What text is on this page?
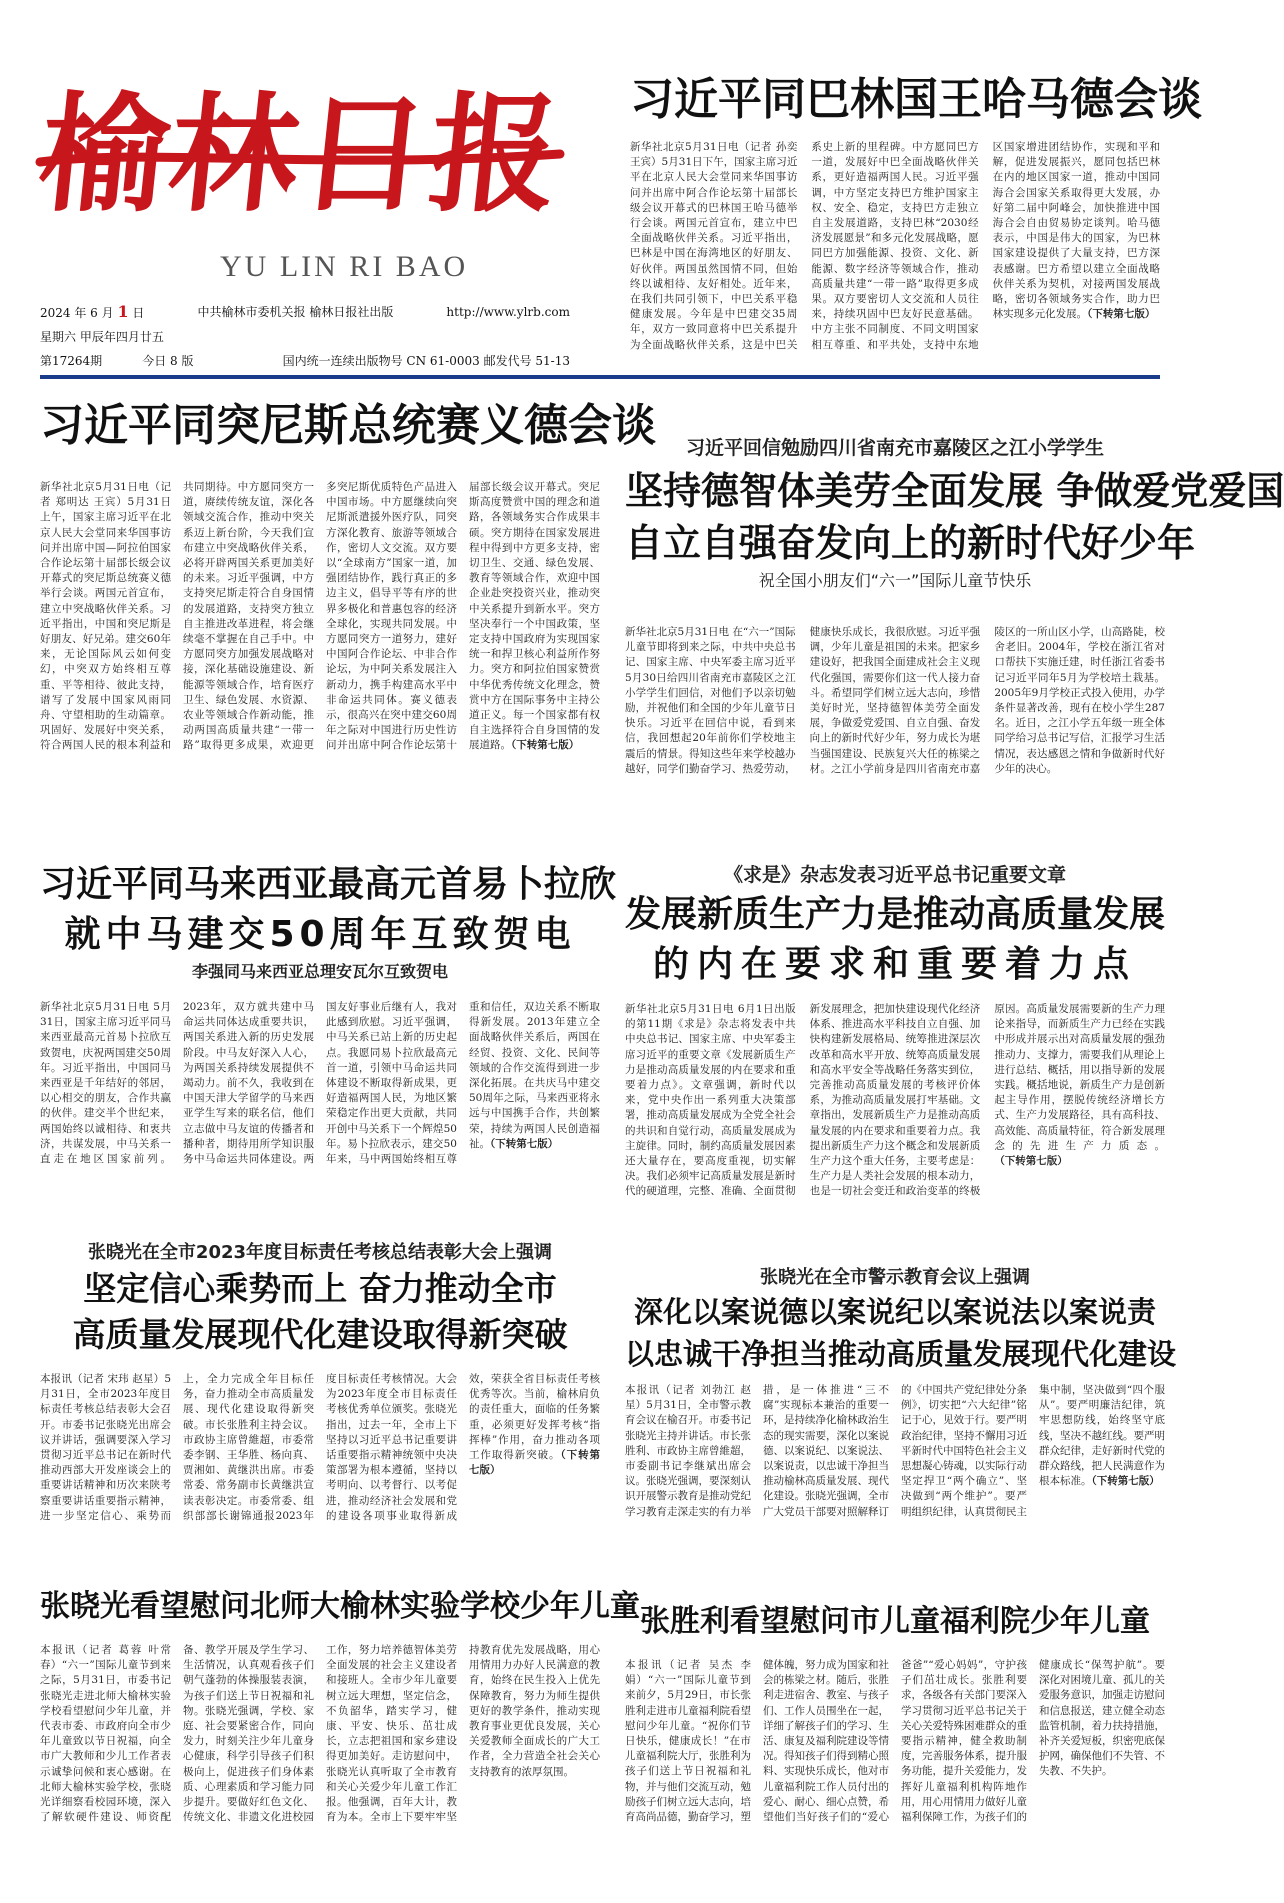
榆林日报
YU LIN RI BAO
2024 年 6 月 1 日	中共榆林市委机关报 榆林日报社出版	http://www.ylrb.com
星期六 甲辰年四月廿五
第17264期	今日 8 版	国内统一连续出版物号 CN 61-0003 邮发代号 51-13
习近平同巴林国王哈马德会谈
新华社北京5月31日电（记者 孙奕 王宾）5月31日下午，国家主席习近平在北京人民大会堂同来华国事访问并出席中阿合作论坛第十届部长级会议开幕式的巴林国王哈马德举行会谈。两国元首宣布，建立中巴全面战略伙伴关系。习近平指出，巴林是中国在海湾地区的好朋友、好伙伴。两国虽然国情不同，但始终以诚相待、友好相处。近年来，在我们共同引领下，中巴关系平稳健康发展。今年是中巴建交35周年，双方一致同意将中巴关系提升为全面战略伙伴关系，这是中巴关系史上新的里程碑。中方愿同巴方一道，发展好中巴全面战略伙伴关系，更好造福两国人民。习近平强调，中方坚定支持巴方维护国家主权、安全、稳定，支持巴方走独立自主发展道路，支持巴林“2030经济发展愿景”和多元化发展战略，愿同巴方加强能源、投资、文化、新能源、数字经济等领域合作，推动高质量共建“一带一路”取得更多成果。双方要密切人文交流和人员往来，持续巩固中巴友好民意基础。中方主张不同制度、不同文明国家相互尊重、和平共处，支持中东地区国家增进团结协作，实现和平和解，促进发展振兴，愿同包括巴林在内的地区国家一道，推动中国同海合会国家关系取得更大发展，办好第二届中阿峰会，加快推进中国海合会自由贸易协定谈判。哈马德表示，中国是伟大的国家，为巴林国家建设提供了大量支持，巴方深表感谢。巴方希望以建立全面战略伙伴关系为契机，对接两国发展战略，密切各领域务实合作，助力巴林实现多元化发展。（下转第七版）
习近平同突尼斯总统赛义德会谈
新华社北京5月31日电（记者 郑明达 王宾）5月31日上午，国家主席习近平在北京人民大会堂同来华国事访问并出席中国—阿拉伯国家合作论坛第十届部长级会议开幕式的突尼斯总统赛义德举行会谈。两国元首宣布，建立中突战略伙伴关系。习近平指出，中国和突尼斯是好朋友、好兄弟。建交60年来，无论国际风云如何变幻，中突双方始终相互尊重、平等相待、彼此支持，谱写了发展中国家风雨同舟、守望相助的生动篇章。巩固好、发展好中突关系，符合两国人民的根本利益和共同期待。中方愿同突方一道，赓续传统友谊，深化各领域交流合作，推动中突关系迈上新台阶，今天我们宣布建立中突战略伙伴关系，必将开辟两国关系更加美好的未来。习近平强调，中方支持突尼斯走符合自身国情的发展道路，支持突方独立自主推进改革进程，将会继续毫不掌握在自己手中。中方愿同突方加强发展战略对接，深化基础设施建设、新能源等领域合作，培育医疗卫生、绿色发展、水资源、农业等领域合作新动能，推动两国高质量共建“一带一路”取得更多成果，欢迎更多突尼斯优质特色产品进入中国市场。中方愿继续向突尼斯派遣援外医疗队，同突方深化教育、旅游等领域合作，密切人文交流。双方要以“全球南方”国家一道，加强团结协作，践行真正的多边主义，倡导平等有序的世界多极化和普惠包容的经济全球化，实现共同发展。中方愿同突方一道努力，建好中国阿合作论坛、中非合作论坛，为中阿关系发展注入新动力，携手构建高水平中非命运共同体。赛义德表示，很高兴在突中建交60周年之际对中国进行历史性访问并出席中阿合作论坛第十届部长级会议开幕式。突尼斯高度赞赏中国的理念和道路，各领域务实合作成果丰硕。突方期待在国家发展进程中得到中方更多支持，密切卫生、交通、绿色发展、教育等领域合作，欢迎中国企业赴突投资兴业，推动突中关系提升到新水平。突方坚决奉行一个中国政策，坚定支持中国政府为实现国家统一和捍卫核心利益所作努力。突方和阿拉伯国家赞赏中华优秀传统文化理念，赞赏中方在国际事务中主持公道正义。每一个国家都有权自主选择符合自身国情的发展道路。（下转第七版）
习近平回信勉励四川省南充市嘉陵区之江小学学生
坚持德智体美劳全面发展 争做爱党爱国
自立自强奋发向上的新时代好少年
祝全国小朋友们“六一”国际儿童节快乐
新华社北京5月31日电 在“六一”国际儿童节即将到来之际，中共中央总书记、国家主席、中央军委主席习近平5月30日给四川省南充市嘉陵区之江小学学生们回信，对他们予以亲切勉励，并祝他们和全国的少年儿童节日快乐。习近平在回信中说，看到来信，我回想起20年前你们学校地主震后的情景。得知这些年来学校越办越好，同学们勤奋学习、热爱劳动，健康快乐成长，我很欣慰。习近平强调，少年儿童是祖国的未来。把家乡建设好，把我国全面建成社会主义现代化强国，需要你们这一代人接力奋斗。希望同学们树立远大志向，珍惜美好时光，坚持德智体美劳全面发展，争做爱党爱国、自立自强、奋发向上的新时代好少年，努力成长为堪当强国建设、民族复兴大任的栋梁之材。之江小学前身是四川省南充市嘉陵区的一所山区小学，山高路陡，校舍老旧。2004年，学校在浙江省对口帮扶下实施迁建，时任浙江省委书记习近平同年5月为学校培土栽基。2005年9月学校正式投入使用，办学条件显著改善，现有在校小学生287名。近日，之江小学五年级一班全体同学给习总书记写信，汇报学习生活情况，表达感恩之情和争做新时代好少年的决心。
习近平同马来西亚最高元首易卜拉欣
就中马建交50周年互致贺电
李强同马来西亚总理安瓦尔互致贺电
新华社北京5月31日电 5月31日，国家主席习近平同马来西亚最高元首易卜拉欣互致贺电，庆祝两国建交50周年。习近平指出，中国同马来西亚是千年结好的邻居，以心相交的朋友，合作共赢的伙伴。建交半个世纪来，两国始终以诚相待、和衷共济，共谋发展，中马关系一直走在地区国家前列。2023年，双方就共建中马命运共同体达成重要共识，两国关系进入新的历史发展阶段。中马友好深入人心，为两国关系持续发展提供不竭动力。前不久，我收到在中国天津大学留学的马来西亚学生写来的联名信，他们立志做中马友谊的传播者和播种者，期待用所学知识服务中马命运共同体建设。两国友好事业后继有人，我对此感到欣慰。习近平强调，中马关系已站上新的历史起点。我愿同易卜拉欣最高元首一道，引领中马命运共同体建设不断取得新成果，更好造福两国人民，为地区繁荣稳定作出更大贡献，共同开创中马关系下一个辉煌50年。易卜拉欣表示，建交50年来，马中两国始终相互尊重和信任，双边关系不断取得新发展。2013年建立全面战略伙伴关系后，两国在经贸、投资、文化、民间等领域的合作交流得到进一步深化拓展。在共庆马中建交50周年之际，马来西亚将永远与中国携手合作，共创繁荣，持续为两国人民创造福祉。（下转第七版）
《求是》杂志发表习近平总书记重要文章
发展新质生产力是推动高质量发展
的内在要求和重要着力点
新华社北京5月31日电 6月1日出版的第11期《求是》杂志将发表中共中央总书记、国家主席、中央军委主席习近平的重要文章《发展新质生产力是推动高质量发展的内在要求和重要着力点》。文章强调，新时代以来，党中央作出一系列重大决策部署，推动高质量发展成为全党全社会的共识和自觉行动，高质量发展成为主旋律。同时，制约高质量发展因素还大量存在，要高度重视，切实解决。我们必须牢记高质量发展是新时代的硬道理，完整、准确、全面贯彻新发展理念，把加快建设现代化经济体系、推进高水平科技自立自强、加快构建新发展格局、统筹推进深层次改革和高水平开放、统筹高质量发展和高水平安全等战略任务落实到位，完善推动高质量发展的考核评价体系，为推动高质量发展打牢基础。文章指出，发展新质生产力是推动高质量发展的内在要求和重要着力点。我提出新质生产力这个概念和发展新质生产力这个重大任务，主要考虑是：生产力是人类社会发展的根本动力，也是一切社会变迁和政治变革的终极原因。高质量发展需要新的生产力理论来指导，而新质生产力已经在实践中形成并展示出对高质量发展的强劲推动力、支撑力，需要我们从理论上进行总结、概括，用以指导新的发展实践。概括地说，新质生产力是创新起主导作用，摆脱传统经济增长方式、生产力发展路径，具有高科技、高效能、高质量特征，符合新发展理念的先进生产力质态。（下转第七版）
张晓光在全市2023年度目标责任考核总结表彰大会上强调
坚定信心乘势而上 奋力推动全市
高质量发展现代化建设取得新突破
本报讯（记者 宋玮 赵星）5月31日，全市2023年度目标责任考核总结表彰大会召开。市委书记张晓光出席会议并讲话，强调要深入学习贯彻习近平总书记在新时代推动西部大开发座谈会上的重要讲话精神和历次来陕考察重要讲话重要指示精神，进一步坚定信心、乘势而上，全力完成全年目标任务，奋力推动全市高质量发展、现代化建设取得新突破。市长张胜利主持会议。市政协主席曾維超，市委常委李钢、王华胜、杨向真、贾湘如、黄继洪出席。市委常委、常务副市长黄继洪宣读表彰决定。市委常委、组织部部长谢锦通报2023年度目标责任考核情况。大会为2023年度全市目标责任考核优秀单位颁奖。张晓光指出，过去一年，全市上下坚持以习近平总书记重要讲话重要指示精神统领中央决策部署为根本遵循，坚持以考明向、以考督行、以考促进，推动经济社会发展和党的建设各项事业取得新成效，荣获全省目标责任考核优秀等次。当前，榆林肩负的责任重大，面临的任务繁重，必须更好发挥考核“指挥棒”作用，奋力推动各项工作取得新突破。（下转第七版）
张晓光在全市警示教育会议上强调
深化以案说德以案说纪以案说法以案说责
以忠诚干净担当推动高质量发展现代化建设
本报讯（记者 刘勃江 赵星）5月31日，全市警示教育会议在榆召开。市委书记张晓光主持并讲话。市长张胜利、市政协主席曾維超，市委副书记李继斌出席会议。张晓光强调，要深刻认识开展警示教育是推动党纪学习教育走深走实的有力举措，是一体推进“三不腐”实现标本兼治的重要一环，是持续净化榆林政治生态的现实需要，深化以案说德、以案说纪、以案说法、以案说责，以忠诚干净担当推动榆林高质量发展、现代化建设。张晓光强调，全市广大党员干部要对照解释订的《中国共产党纪律处分条例》，切实把“六大纪律”铭记于心，见效于行。要严明政治纪律，坚持不懈用习近平新时代中国特色社会主义思想凝心铸魂，以实际行动坚定捍卫“两个确立”、坚决做到“两个维护”。要严明组织纪律，认真贯彻民主集中制，坚决做到“四个服从”。要严明廉洁纪律，筑牢思想防线，始终坚守底线，坚决不越红线。要严明群众纪律，走好新时代党的群众路线，把人民满意作为根本标准。（下转第七版）
张晓光看望慰问北师大榆林实验学校少年儿童
本报讯（记者 葛蓉 叶常春）“六一”国际儿童节到来之际，5月31日，市委书记张晓光走进北师大榆林实验学校看望慰问少年儿童，并代表市委、市政府向全市少年儿童致以节日祝福，向全市广大教师和少儿工作者表示诚挚问候和衷心感谢。在北师大榆林实验学校，张晓光详细察看校园环境，深入了解软硬件建设、师资配备、教学开展及学生学习、生活情况，认真观看孩子们朝气蓬勃的体操服装表演，为孩子们送上节日祝福和礼物。张晓光强调，学校、家庭、社会要紧密合作，同向发力，时刻关注少年儿童身心健康，科学引导孩子们积极向上，促进孩子们身体素质、心理素质和学习能力同步提升。要做好红色文化、传统文化、非遗文化进校园工作，努力培养德智体美劳全面发展的社会主义建设者和接班人。全市少年儿童要树立远大理想，坚定信念，不负韶华，踏实学习，健康、平安、快乐、茁壮成长，立志把祖国和家乡建设得更加美好。走访慰问中，张晓光认真听取了全市教育和关心关爱少年儿童工作汇报。他强调，百年大计，教育为本。全市上下要牢牢坚持教育优先发展战略，用心用情用力办好人民满意的教育，始终在民生投入上优先保障教育，努力为师生提供更好的教学条件，推动实现教育事业更优良发展，关心关爱教师全面成长的广大工作者，全力营造全社会关心支持教育的浓厚氛围。
张胜利看望慰问市儿童福利院少年儿童
本报讯（记者 吴杰 李娟）“六一”国际儿童节到来前夕，5月29日，市长张胜利走进市儿童福利院看望慰问少年儿童。“祝你们节日快乐，健康成长！”在市儿童福利院大厅，张胜利为孩子们送上节日祝福和礼物，并与他们交流互动，勉励孩子们树立远大志向，培育高尚品德，勤奋学习，塑健体魄，努力成为国家和社会的栋梁之材。随后，张胜利走进宿舍、教室、与孩子们、工作人员围坐在一起，详细了解孩子们的学习、生活、康复及福利院建设等情况。得知孩子们得到精心照料、实现快乐成长，他对市儿童福利院工作人员付出的爱心、耐心、细心点赞，希望他们当好孩子们的“爱心爸爸”“爱心妈妈”，守护孩子们茁壮成长。张胜利要求，各级各有关部门要深入学习贯彻习近平总书记关于关心关爱特殊困难群众的重要指示精神，健全救助制度，完善服务体系，提升服务功能，提升关爱能力，发挥好儿童福利机构阵地作用，用心用情用力做好儿童福利保障工作，为孩子们的健康成长“保驾护航”。要深化对困境儿童、孤儿的关爱服务意识，加强走访慰问和信息报送，建立健全动态监管机制，着力扶持措施，补齐关爱短板，织密兜底保护网，确保他们不失管、不失教、不失护。
